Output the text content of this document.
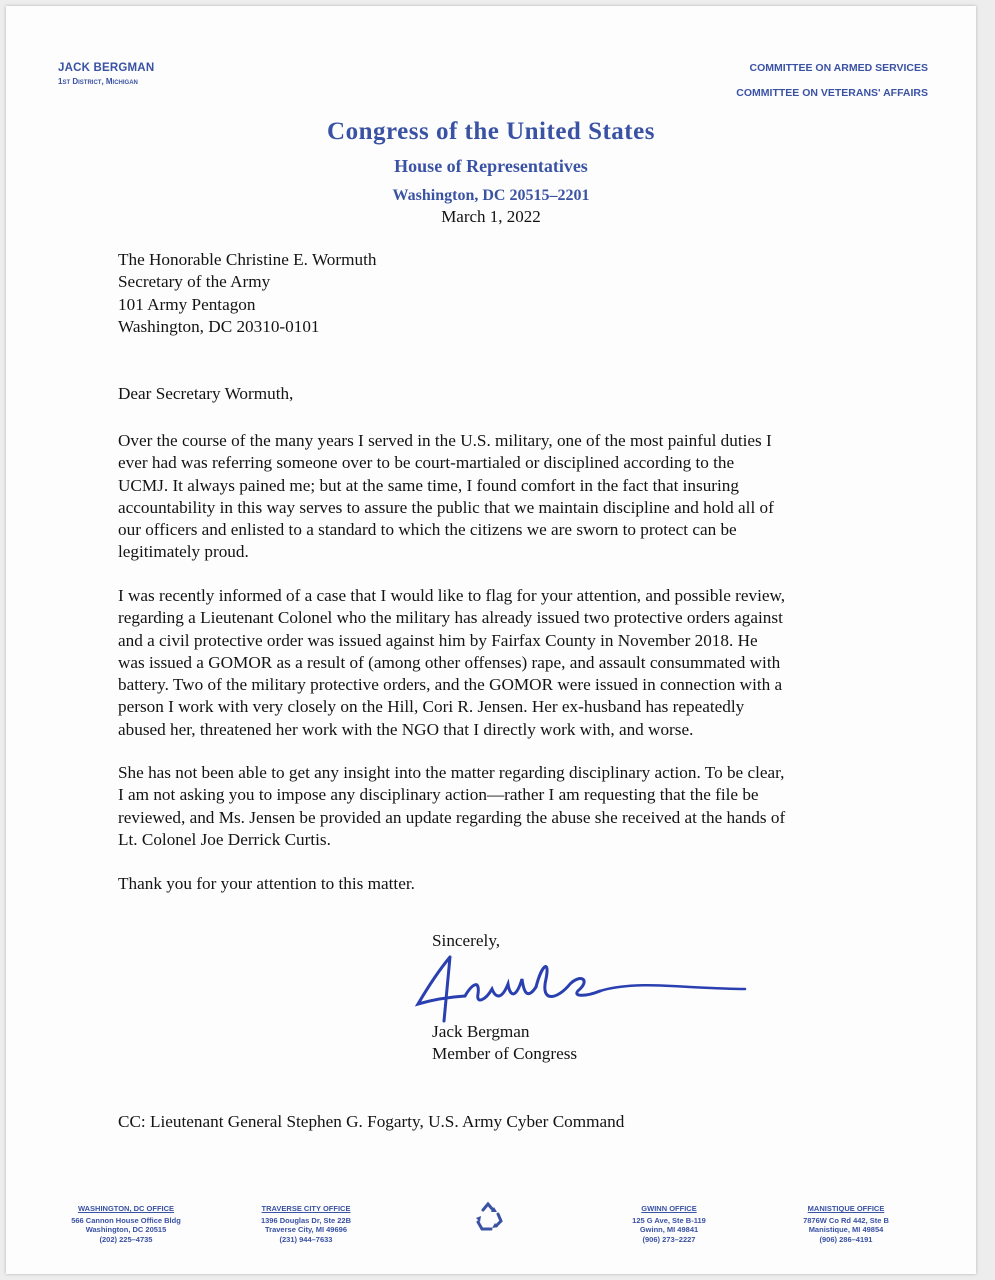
JACK BERGMAN
1st District, Michigan
COMMITTEE ON ARMED SERVICES
COMMITTEE ON VETERANS' AFFAIRS
Congress of the United States
House of Representatives
Washington, DC 20515–2201
March 1, 2022
The Honorable Christine E. Wormuth
Secretary of the Army
101 Army Pentagon
Washington, DC 20310-0101
Dear Secretary Wormuth,
Over the course of the many years I served in the U.S. military, one of the most painful duties I
ever had was referring someone over to be court-martialed or disciplined according to the
UCMJ. It always pained me; but at the same time, I found comfort in the fact that insuring
accountability in this way serves to assure the public that we maintain discipline and hold all of
our officers and enlisted to a standard to which the citizens we are sworn to protect can be
legitimately proud.
I was recently informed of a case that I would like to flag for your attention, and possible review,
regarding a Lieutenant Colonel who the military has already issued two protective orders against
and a civil protective order was issued against him by Fairfax County in November 2018. He
was issued a GOMOR as a result of (among other offenses) rape, and assault consummated with
battery. Two of the military protective orders, and the GOMOR were issued in connection with a
person I work with very closely on the Hill, Cori R. Jensen. Her ex-husband has repeatedly
abused her, threatened her work with the NGO that I directly work with, and worse.
She has not been able to get any insight into the matter regarding disciplinary action. To be clear,
I am not asking you to impose any disciplinary action—rather I am requesting that the file be
reviewed, and Ms. Jensen be provided an update regarding the abuse she received at the hands of
Lt. Colonel Joe Derrick Curtis.
Thank you for your attention to this matter.
Sincerely,
Jack Bergman
Member of Congress
CC: Lieutenant General Stephen G. Fogarty, U.S. Army Cyber Command
WASHINGTON, DC OFFICE
566 Cannon House Office Bldg
Washington, DC 20515
(202) 225–4735
TRAVERSE CITY OFFICE
1396 Douglas Dr, Ste 22B
Traverse City, MI 49696
(231) 944–7633
GWINN OFFICE
125 G Ave, Ste B-119
Gwinn, MI 49841
(906) 273–2227
MANISTIQUE OFFICE
7876W Co Rd 442, Ste B
Manistique, MI 49854
(906) 286–4191
